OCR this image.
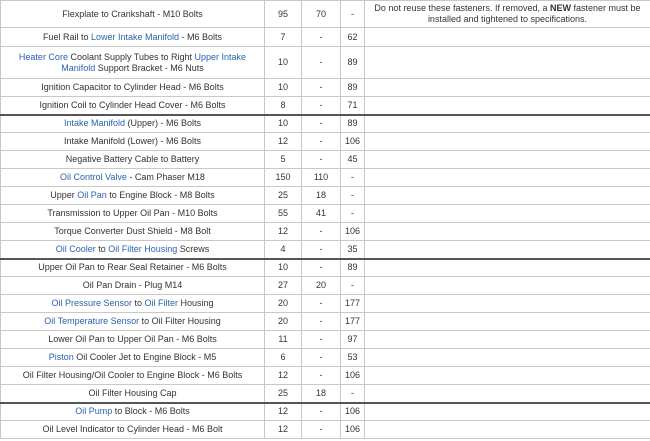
Flexplate to Crankshaft - M10 Bolts	95	70	-	Do not reuse these fasteners. If removed, a NEW fastener must be installed and tightened to specifications.
Fuel Rail to Lower Intake Manifold - M6 Bolts	7	-	62	
Heater Core Coolant Supply Tubes to Right Upper Intake Manifold Support Bracket - M6 Nuts	10	-	89	
Ignition Capacitor to Cylinder Head - M6 Bolts	10	-	89	
Ignition Coil to Cylinder Head Cover - M6 Bolts	8	-	71	
Intake Manifold (Upper) - M6 Bolts	10	-	89	
Intake Manifold (Lower) - M6 Bolts	12	-	106	
Negative Battery Cable to Battery	5	-	45	
Oil Control Valve - Cam Phaser M18	150	110	-	
Upper Oil Pan to Engine Block - M8 Bolts	25	18	-	
Transmission to Upper Oil Pan - M10 Bolts	55	41	-	
Torque Converter Dust Shield - M8 Bolt	12	-	106	
Oil Cooler to Oil Filter Housing Screws	4	-	35	
Upper Oil Pan to Rear Seal Retainer - M6 Bolts	10	-	89	
Oil Pan Drain - Plug M14	27	20	-	
Oil Pressure Sensor to Oil Filter Housing	20	-	177	
Oil Temperature Sensor to Oil Filter Housing	20	-	177	
Lower Oil Pan to Upper Oil Pan - M6 Bolts	11	-	97	
Piston Oil Cooler Jet to Engine Block - M5	6	-	53	
Oil Filter Housing/Oil Cooler to Engine Block - M6 Bolts	12	-	106	
Oil Filter Housing Cap	25	18	-	
Oil Pump to Block - M6 Bolts	12	-	106	
Oil Level Indicator to Cylinder Head - M6 Bolt	12	-	106	
